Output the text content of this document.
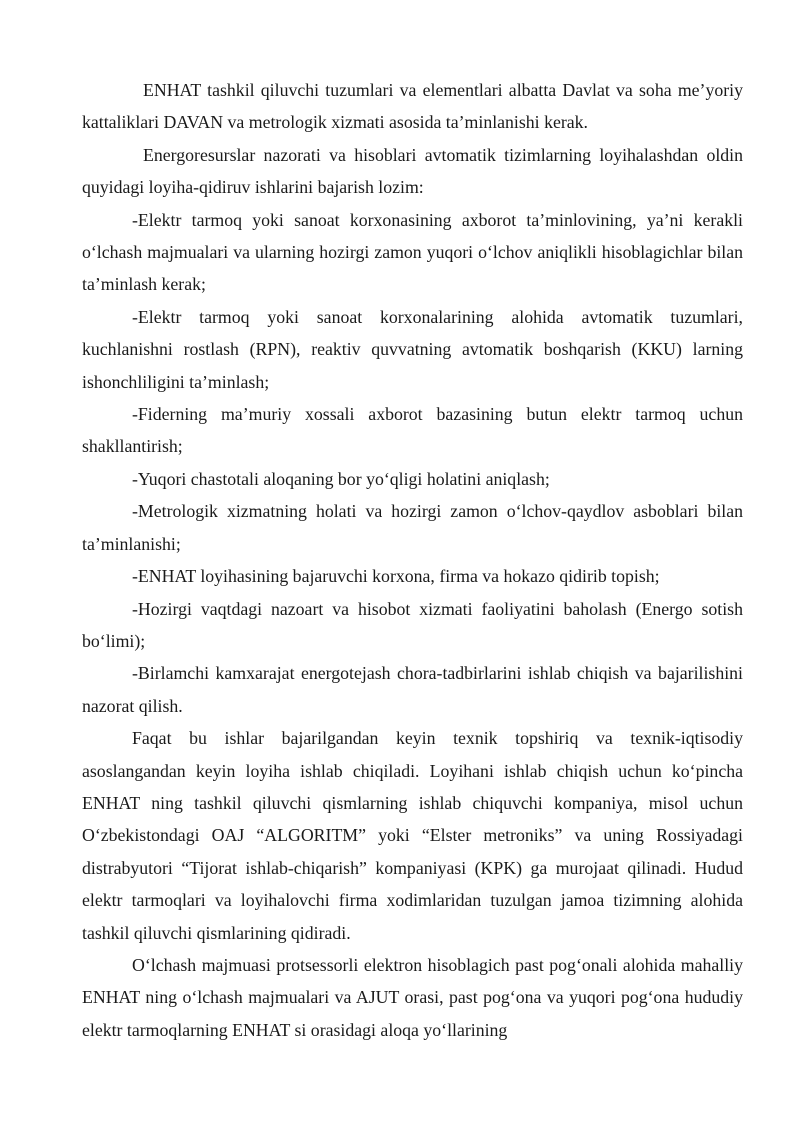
ENHAT tashkil qiluvchi tuzumlari va elementlari albatta Davlat va soha me’yoriy kattaliklari DAVAN va metrologik xizmati asosida ta’minlanishi kerak.

Energoresurslar nazorati va hisoblari avtomatik tizimlarning loyihalashdan oldin quyidagi loyiha-qidiruv ishlarini bajarish lozim:

-Elektr tarmoq yoki sanoat korxonasining axborot ta’minlovining, ya’ni kerakli o‘lchash majmualari va ularning hozirgi zamon yuqori o‘lchov aniqlikli hisoblagichlar bilan ta’minlash kerak;

-Elektr tarmoq yoki sanoat korxonalarining alohida avtomatik tuzumlari, kuchlanishni rostlash (RPN), reaktiv quvvatning avtomatik boshqarish (KKU) larning ishonchliligini ta’minlash;

-Fiderning ma’muriy xossali axborot bazasining butun elektr tarmoq uchun shakllantirish;

-Yuqori chastotali aloqaning bor yo‘qligi holatini aniqlash;

-Metrologik xizmatning holati va hozirgi zamon o‘lchov-qaydlov asboblari bilan ta’minlanishi;

-ENHAT loyihasining bajaruvchi korxona, firma va hokazo qidirib topish;

-Hozirgi vaqtdagi nazoart va hisobot xizmati faoliyatini baholash (Energo sotish bo‘limi);

-Birlamchi kamxarajat energotejash chora-tadbirlarini ishlab chiqish va bajarilishini nazorat qilish.

Faqat bu ishlar bajarilgandan keyin texnik topshiriq va texnik-iqtisodiy asoslangandan keyin loyiha ishlab chiqiladi. Loyihani ishlab chiqish uchun ko‘pincha ENHAT ning tashkil qiluvchi qismlarning ishlab chiquvchi kompaniya, misol uchun O‘zbekistondagi OAJ “ALGORITM” yoki “Elster metroniks” va uning Rossiyadagi distrabyutori “Tijorat ishlab-chiqarish” kompaniyasi (KPK) ga murojaat qilinadi. Hudud elektr tarmoqlari va loyihalovchi firma xodimlaridan tuzulgan jamoa tizimning alohida tashkil qiluvchi qismlarining qidiradi.

O‘lchash majmuasi protsessorli elektron hisoblagich past pog‘onali alohida mahalliy ENHAT ning o‘lchash majmualari va AJUT orasi, past pog‘ona va yuqori pog‘ona hududiy elektr tarmoqlarning ENHAT si orasidagi aloqa yo‘llarining
